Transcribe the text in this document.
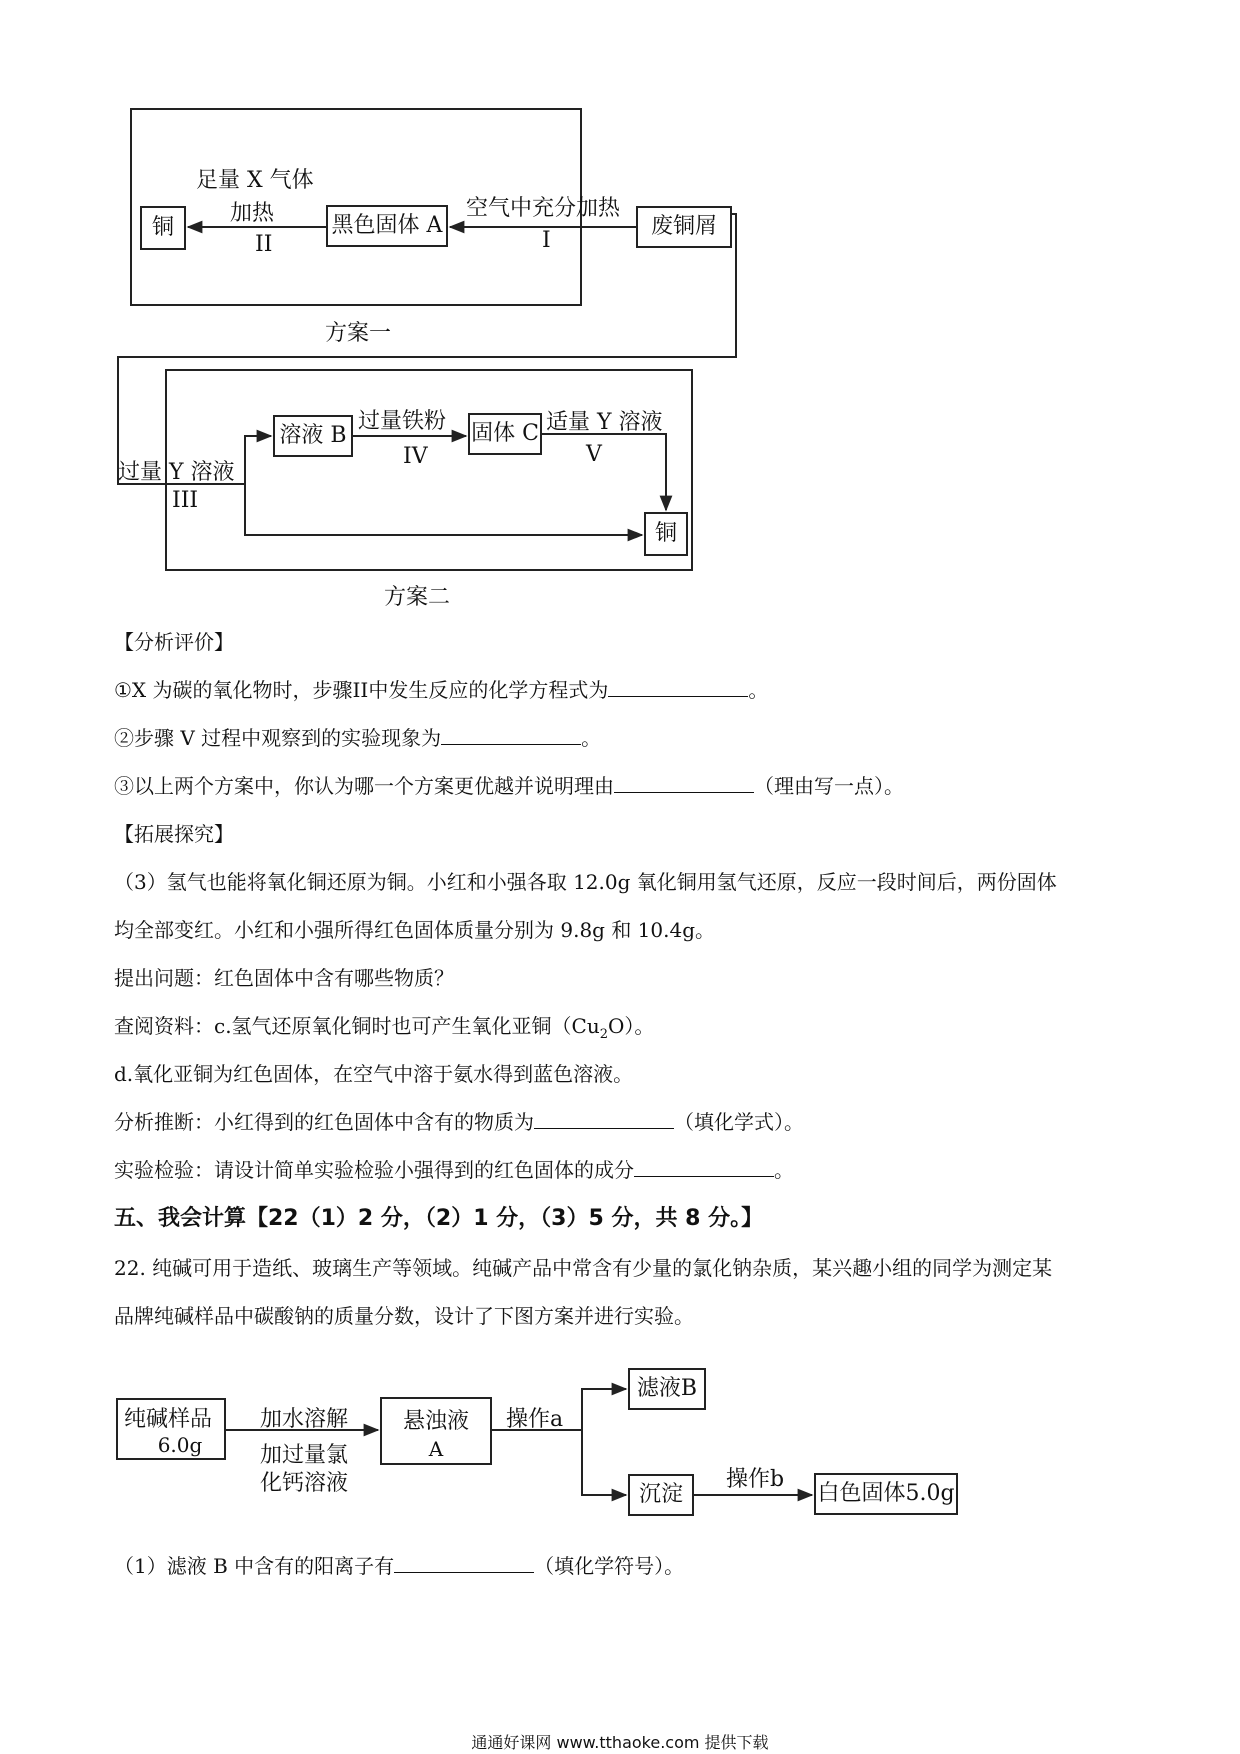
铜	黑色固体 A	废铜屑
足量 X 气体
加热
II
空气中充分加热
I
方案一
溶液 B	固体 C
铜
过量铁粉
IV
适量 Y 溶液
V
过量 Y 溶液
III
方案二
【分析评价】
①X 为碳的氧化物时，步骤II中发生反应的化学方程式为	。
②步骤 V 过程中观察到的实验现象为	。
③以上两个方案中，你认为哪一个方案更优越并说明理由	（理由写一点）。
【拓展探究】
（3）氢气也能将氧化铜还原为铜。小红和小强各取 12.0g 氧化铜用氢气还原，反应一段时间后，两份固体
均全部变红。小红和小强所得红色固体质量分别为 9.8g 和 10.4g。
提出问题：红色固体中含有哪些物质？
查阅资料：c.氢气还原氧化铜时也可产生氧化亚铜$(Cu_2O)$。
d.氧化亚铜为红色固体，在空气中溶于氨水得到蓝色溶液。
分析推断：小红得到的红色固体中含有的物质为	（填化学式）。
实验检验：请设计简单实验检验小强得到的红色固体的成分	。
五、我会计算【22（1）2 分，（2）1 分，（3）5 分，共 8 分。】
22. 纯碱可用于造纸、玻璃生产等领域。纯碱产品中常含有少量的氯化钠杂质，某兴趣小组的同学为测定某
品牌纯碱样品中碳酸钠的质量分数，设计了下图方案并进行实验。
纯碱样品
6.0g
加水溶解
加过量氯
化钙溶液
悬浊液
A
操作a
滤液B
沉淀
操作b
白色固体5.0g
（1）滤液 B 中含有的阳离子有	（填化学符号）。
通通好课网 www.tthaoke.com 提供下载
